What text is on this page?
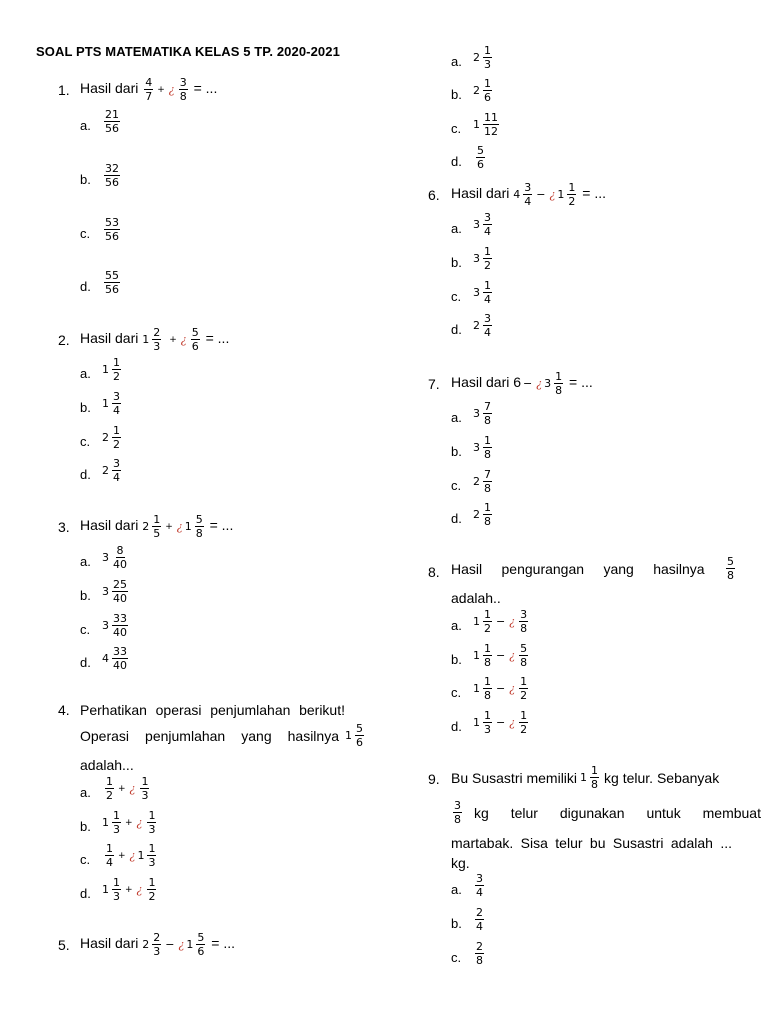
SOAL PTS MATEMATIKA KELAS 5 TP. 2020-2021
1. Hasil dari $\frac{4}{7}$ + ¿ $\frac{3}{8}$ = ...
a. $\frac{21}{56}$
b. $\frac{32}{56}$
c. $\frac{53}{56}$
d. $\frac{55}{56}$
2. Hasil dari $1 \frac{2}{3}$ + ¿ $\frac{5}{6}$ = ...
a. $1 \frac{1}{2}$
b. $1 \frac{3}{4}$
c. $2 \frac{1}{2}$
d. $2 \frac{3}{4}$
3. Hasil dari $2 \frac{1}{5}$ + ¿ $1 \frac{5}{8}$ = ...
a. $3 \frac{8}{40}$
b. $3 \frac{25}{40}$
c. $3 \frac{33}{40}$
d. $4 \frac{33}{40}$
4. Perhatikan operasi penjumlahan berikut!
Operasi penjumlahan yang hasilnya $1 \frac{5}{6}$
adalah...
a. $\frac{1}{2}$ + ¿ $\frac{1}{3}$
b. $1 \frac{1}{3}$ + ¿ $\frac{1}{3}$
c. $\frac{1}{4}$ + ¿ $1 \frac{1}{3}$
d. $1 \frac{1}{3}$ + ¿ $\frac{1}{2}$
5. Hasil dari $2 \frac{2}{3}$ − ¿ $1 \frac{5}{6}$ = ...
a. $2 \frac{1}{3}$
b. $2 \frac{1}{6}$
c. $1 \frac{11}{12}$
d. $\frac{5}{6}$
6. Hasil dari $4 \frac{3}{4}$ − ¿ $1 \frac{1}{2}$ = ...
a. $3 \frac{3}{4}$
b. $3 \frac{1}{2}$
c. $3 \frac{1}{4}$
d. $2 \frac{3}{4}$
7. Hasil dari 6 − ¿ $3 \frac{1}{8}$ = ...
a. $3 \frac{7}{8}$
b. $3 \frac{1}{8}$
c. $2 \frac{7}{8}$
d. $2 \frac{1}{8}$
8. Hasil pengurangan yang hasilnya $\frac{5}{8}$
adalah..
a. $1 \frac{1}{2}$ − ¿ $\frac{3}{8}$
b. $1 \frac{1}{8}$ − ¿ $\frac{5}{8}$
c. $1 \frac{1}{8}$ − ¿ $\frac{1}{2}$
d. $1 \frac{1}{3}$ − ¿ $\frac{1}{2}$
9. Bu Susastri memiliki $1 \frac{1}{8}$ kg telur. Sebanyak
$\frac{3}{8}$ kg telur digunakan untuk membuat
martabak. Sisa telur bu Susastri adalah ...
kg.
a. $\frac{3}{4}$
b. $\frac{2}{4}$
c. $\frac{2}{8}$
